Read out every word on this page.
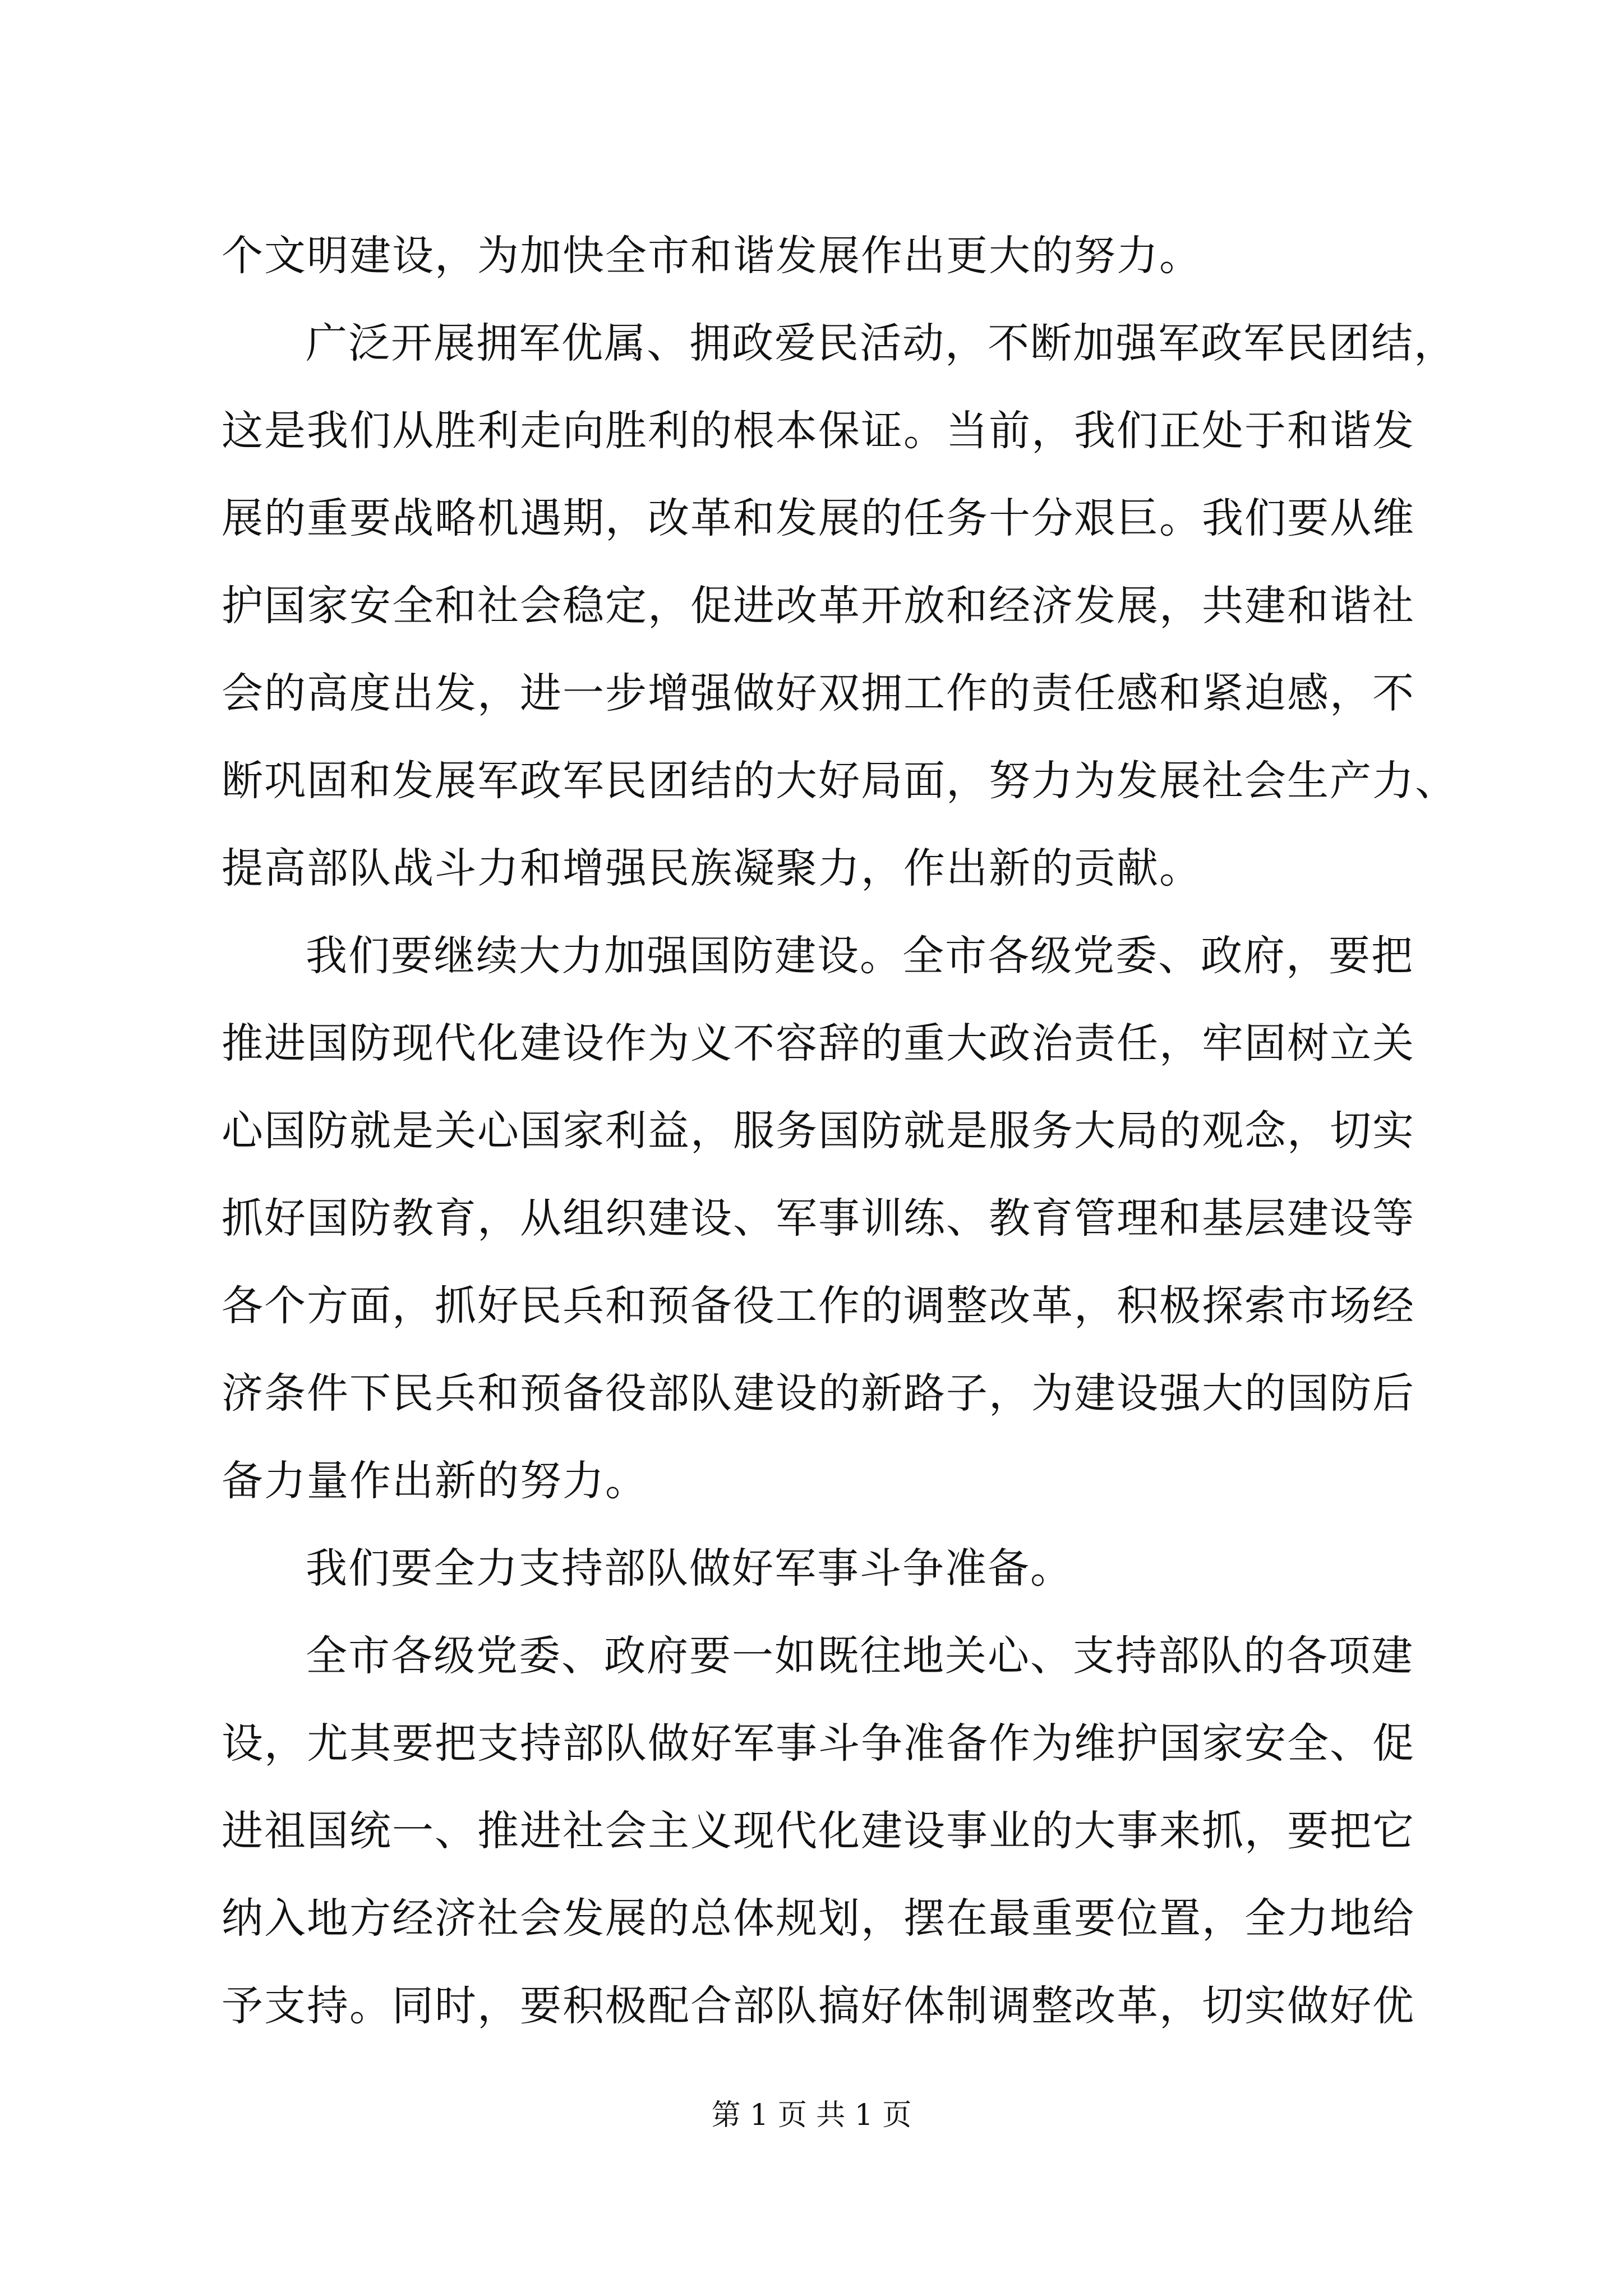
个文明建设，为加快全市和谐发展作出更大的努力。
广泛开展拥军优属、拥政爱民活动，不断加强军政军民团结，
这是我们从胜利走向胜利的根本保证。当前，我们正处于和谐发
展的重要战略机遇期，改革和发展的任务十分艰巨。我们要从维
护国家安全和社会稳定，促进改革开放和经济发展，共建和谐社
会的高度出发，进一步增强做好双拥工作的责任感和紧迫感，不
断巩固和发展军政军民团结的大好局面，努力为发展社会生产力、
提高部队战斗力和增强民族凝聚力，作出新的贡献。
我们要继续大力加强国防建设。全市各级党委、政府，要把
推进国防现代化建设作为义不容辞的重大政治责任，牢固树立关
心国防就是关心国家利益，服务国防就是服务大局的观念，切实
抓好国防教育，从组织建设、军事训练、教育管理和基层建设等
各个方面，抓好民兵和预备役工作的调整改革，积极探索市场经
济条件下民兵和预备役部队建设的新路子，为建设强大的国防后
备力量作出新的努力。
我们要全力支持部队做好军事斗争准备。
全市各级党委、政府要一如既往地关心、支持部队的各项建
设，尤其要把支持部队做好军事斗争准备作为维护国家安全、促
进祖国统一、推进社会主义现代化建设事业的大事来抓，要把它
纳入地方经济社会发展的总体规划，摆在最重要位置，全力地给
予支持。同时，要积极配合部队搞好体制调整改革，切实做好优
第 1 页 共 1 页
